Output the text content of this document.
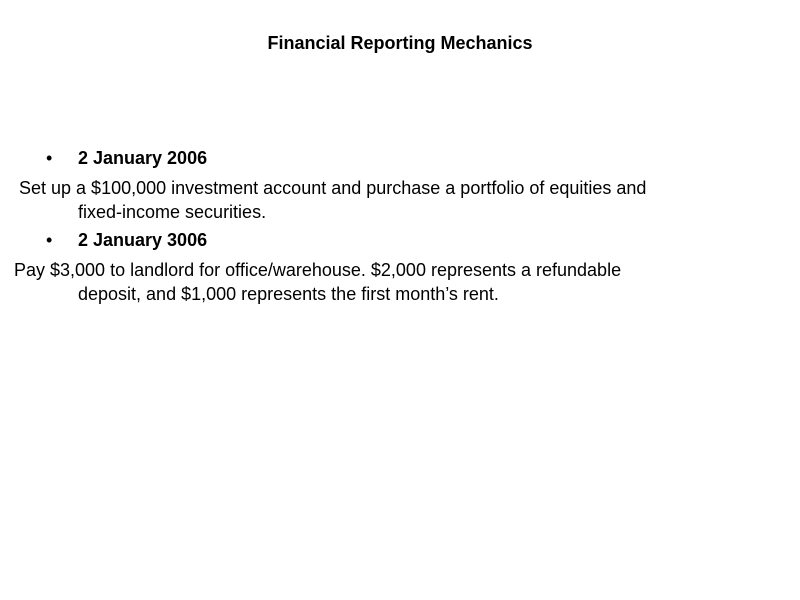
Financial Reporting Mechanics
• 2 January 2006
Set up a $100,000 investment account and purchase a portfolio of equities and
fixed-income securities.
• 2 January 3006
Pay $3,000 to landlord for office/warehouse. $2,000 represents a refundable
deposit, and $1,000 represents the first month’s rent.
